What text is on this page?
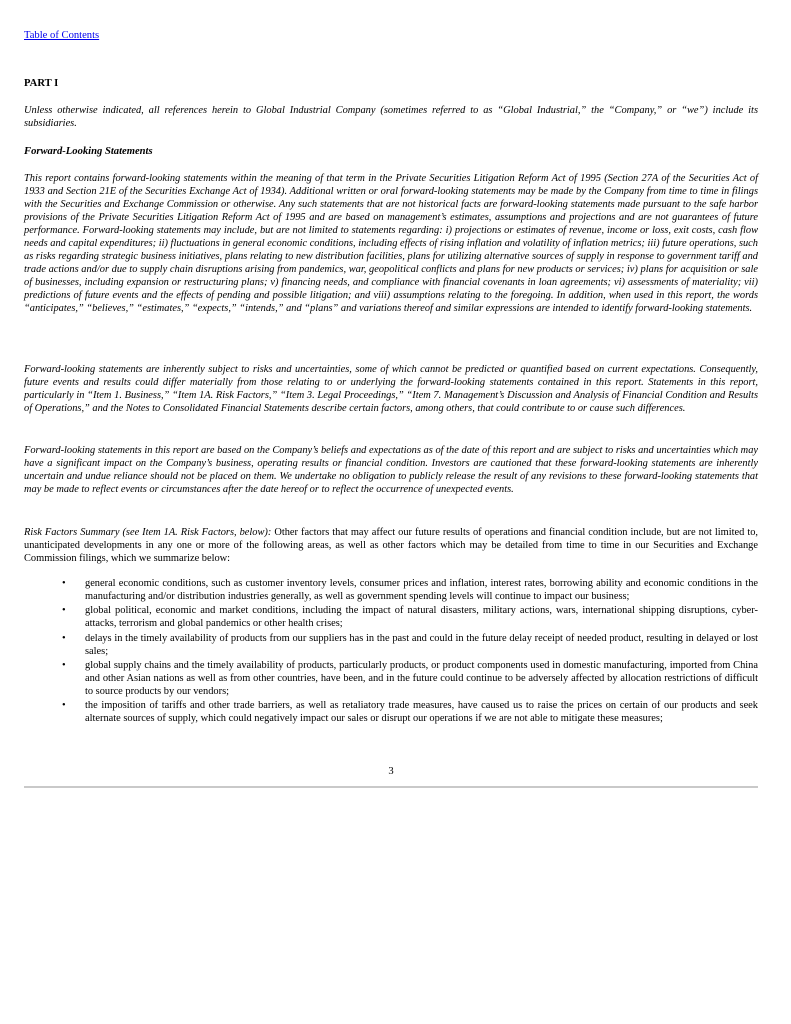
Table of Contents
PART I

Unless otherwise indicated, all references herein to Global Industrial Company (sometimes referred to as “Global Industrial,” the “Company,” or “we”) include its subsidiaries.

Forward-Looking Statements

This report contains forward-looking statements within the meaning of that term in the Private Securities Litigation Reform Act of 1995 (Section 27A of the Securities Act of 1933 and Section 21E of the Securities Exchange Act of 1934). Additional written or oral forward-looking statements may be made by the Company from time to time in filings with the Securities and Exchange Commission or otherwise. Any such statements that are not historical facts are forward-looking statements made pursuant to the safe harbor provisions of the Private Securities Litigation Reform Act of 1995 and are based on management’s estimates, assumptions and projections and are not guarantees of future performance. Forward-looking statements may include, but are not limited to statements regarding: i) projections or estimates of revenue, income or loss, exit costs, cash flow needs and capital expenditures; ii) fluctuations in general economic conditions, including effects of rising inflation and volatility of inflation metrics; iii) future operations, such as risks regarding strategic business initiatives, plans relating to new distribution facilities, plans for utilizing alternative sources of supply in response to government tariff and trade actions and/or due to supply chain disruptions arising from pandemics, war, geopolitical conflicts and plans for new products or services; iv) plans for acquisition or sale of businesses, including expansion or restructuring plans; v) financing needs, and compliance with financial covenants in loan agreements; vi) assessments of materiality; vii) predictions of future events and the effects of pending and possible litigation; and viii) assumptions relating to the foregoing. In addition, when used in this report, the words “anticipates,” “believes,” “estimates,” “expects,” “intends,” and “plans” and variations thereof and similar expressions are intended to identify forward-looking statements.

Forward-looking statements are inherently subject to risks and uncertainties, some of which cannot be predicted or quantified based on current expectations. Consequently, future events and results could differ materially from those relating to or underlying the forward-looking statements contained in this report. Statements in this report, particularly in “Item 1. Business,” “Item 1A. Risk Factors,” “Item 3. Legal Proceedings,” “Item 7. Management’s Discussion and Analysis of Financial Condition and Results of Operations,” and the Notes to Consolidated Financial Statements describe certain factors, among others, that could contribute to or cause such differences.

Forward-looking statements in this report are based on the Company’s beliefs and expectations as of the date of this report and are subject to risks and uncertainties which may have a significant impact on the Company’s business, operating results or financial condition. Investors are cautioned that these forward-looking statements are inherently uncertain and undue reliance should not be placed on them. We undertake no obligation to publicly release the result of any revisions to these forward-looking statements that may be made to reflect events or circumstances after the date hereof or to reflect the occurrence of unexpected events.

Risk Factors Summary (see Item 1A. Risk Factors, below): Other factors that may affect our future results of operations and financial condition include, but are not limited to, unanticipated developments in any one or more of the following areas, as well as other factors which may be detailed from time to time in our Securities and Exchange Commission filings, which we summarize below:

• general economic conditions, such as customer inventory levels, consumer prices and inflation, interest rates, borrowing ability and economic conditions in the manufacturing and/or distribution industries generally, as well as government spending levels will continue to impact our business;
• global political, economic and market conditions, including the impact of natural disasters, military actions, wars, international shipping disruptions, cyber-attacks, terrorism and global pandemics or other health crises;
• delays in the timely availability of products from our suppliers has in the past and could in the future delay receipt of needed product, resulting in delayed or lost sales;
• global supply chains and the timely availability of products, particularly products, or product components used in domestic manufacturing, imported from China and other Asian nations as well as from other countries, have been, and in the future could continue to be adversely affected by allocation restrictions of difficult to source products by our vendors;
• the imposition of tariffs and other trade barriers, as well as retaliatory trade measures, have caused us to raise the prices on certain of our products and seek alternate sources of supply, which could negatively impact our sales or disrupt our operations if we are not able to mitigate these measures;
3
